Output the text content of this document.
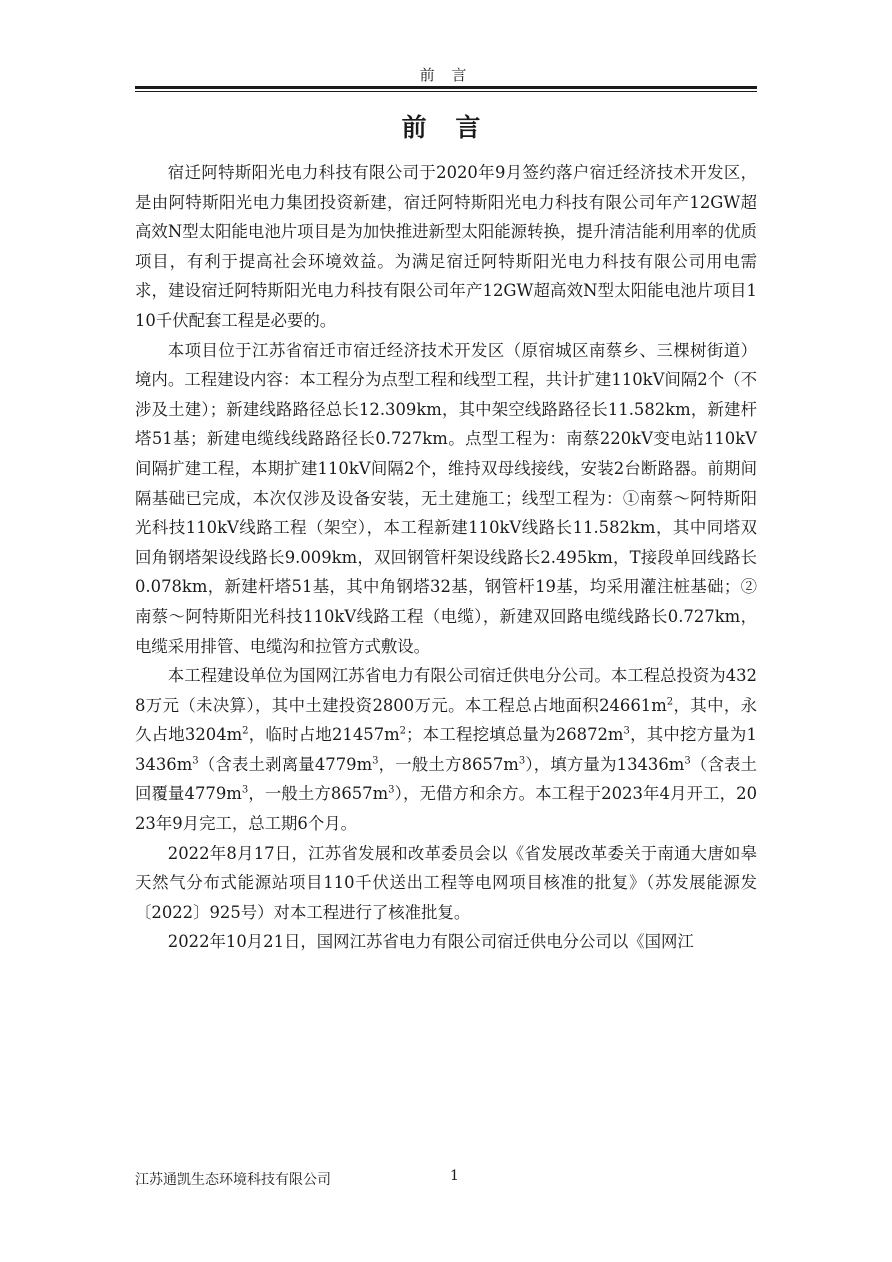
前 言
前 言

宿迁阿特斯阳光电力科技有限公司于2020年9月签约落户宿迁经济技术开发区，是由阿特斯阳光电力集团投资新建，宿迁阿特斯阳光电力科技有限公司年产12GW超高效N型太阳能电池片项目是为加快推进新型太阳能源转换，提升清洁能利用率的优质项目，有利于提高社会环境效益。为满足宿迁阿特斯阳光电力科技有限公司用电需求，建设宿迁阿特斯阳光电力科技有限公司年产12GW超高效N型太阳能电池片项目110千伏配套工程是必要的。

本项目位于江苏省宿迁市宿迁经济技术开发区（原宿城区南蔡乡、三棵树街道）境内。工程建设内容：本工程分为点型工程和线型工程，共计扩建110kV间隔2个（不涉及土建）；新建线路路径总长12.309km，其中架空线路路径长11.582km，新建杆塔51基；新建电缆线线路路径长0.727km。点型工程为：南蔡220kV变电站110kV间隔扩建工程，本期扩建110kV间隔2个，维持双母线接线，安装2台断路器。前期间隔基础已完成，本次仅涉及设备安装，无土建施工；线型工程为：①南蔡～阿特斯阳光科技110kV线路工程（架空），本工程新建110kV线路长11.582km，其中同塔双回角钢塔架设线路长9.009km，双回钢管杆架设线路长2.495km，T接段单回线路长0.078km，新建杆塔51基，其中角钢塔32基，钢管杆19基，均采用灌注桩基础；②南蔡～阿特斯阳光科技110kV线路工程（电缆），新建双回路电缆线路长0.727km，电缆采用排管、电缆沟和拉管方式敷设。

本工程建设单位为国网江苏省电力有限公司宿迁供电分公司。本工程总投资为4328万元（未决算），其中土建投资2800万元。本工程总占地面积$24661m^2$，其中，永久占地$3204m^2$，临时占地$21457m^2$；本工程挖填总量为$26872m^3$，其中挖方量为$13436m^3$（含表土剥离量$4779m^3$，一般土方$8657m^3$），填方量为$13436m^3$（含表土回覆量$4779m^3$，一般土方$8657m^3$），无借方和余方。本工程于2023年4月开工，2023年9月完工，总工期6个月。

2022年8月17日，江苏省发展和改革委员会以《省发展改革委关于南通大唐如皋天然气分布式能源站项目110千伏送出工程等电网项目核准的批复》（苏发展能源发〔2022〕925号）对本工程进行了核准批复。

2022年10月21日，国网江苏省电力有限公司宿迁供电分公司以《国网江

江苏通凯生态环境科技有限公司	1
